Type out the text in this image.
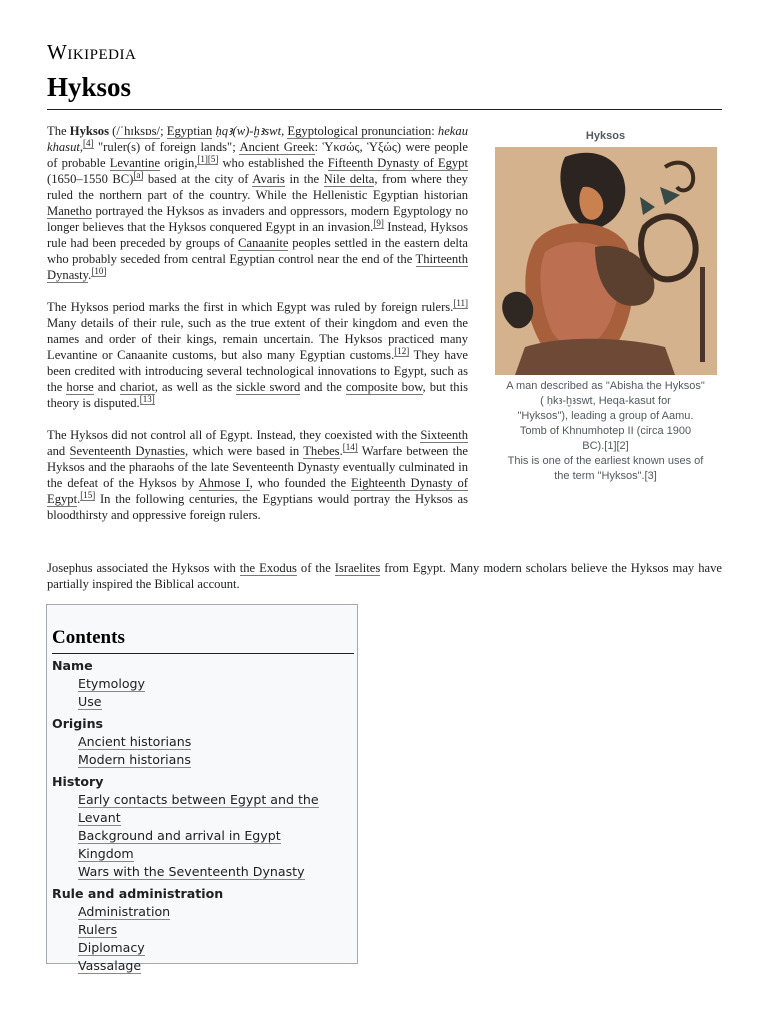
Wikipedia
Hyksos

The Hyksos (/ˈhɪksɒs/; Egyptian ḥqꜣ(w)-ḫꜣswt, Egyptological pronunciation: hekau khasut,[4] "ruler(s) of foreign lands"; Ancient Greek: Ὑκσώς, Ὑξώς) were people of probable Levantine origin,[1][5] who established the Fifteenth Dynasty of Egypt (1650–1550 BC)[a] based at the city of Avaris in the Nile delta, from where they ruled the northern part of the country. While the Hellenistic Egyptian historian Manetho portrayed the Hyksos as invaders and oppressors, modern Egyptology no longer believes that the Hyksos conquered Egypt in an invasion.[9] Instead, Hyksos rule had been preceded by groups of Canaanite peoples settled in the eastern delta who probably seceded from central Egyptian control near the end of the Thirteenth Dynasty.[10]

The Hyksos period marks the first in which Egypt was ruled by foreign rulers.[11] Many details of their rule, such as the true extent of their kingdom and even the names and order of their kings, remain uncertain. The Hyksos practiced many Levantine or Canaanite customs, but also many Egyptian customs.[12] They have been credited with introducing several technological innovations to Egypt, such as the horse and chariot, as well as the sickle sword and the composite bow, but this theory is disputed.[13]

The Hyksos did not control all of Egypt. Instead, they coexisted with the Sixteenth and Seventeenth Dynasties, which were based in Thebes.[14] Warfare between the Hyksos and the pharaohs of the late Seventeenth Dynasty eventually culminated in the defeat of the Hyksos by Ahmose I, who founded the Eighteenth Dynasty of Egypt.[15] In the following centuries, the Egyptians would portray the Hyksos as bloodthirsty and oppressive foreign rulers.

Josephus associated the Hyksos with the Exodus of the Israelites from Egypt. Many modern scholars believe the Hyksos may have partially inspired the Biblical account.

Hyksos
A man described as "Abisha the Hyksos"
( ḥkꜣ-ḫꜣswt, Heqa-kasut for
"Hyksos"), leading a group of Aamu.
Tomb of Khnumhotep II (circa 1900
BC).[1][2]
This is one of the earliest known uses of
the term "Hyksos".[3]
Contents
Name
Etymology
Use
Origins
Ancient historians
Modern historians
History
Early contacts between Egypt and the Levant
Background and arrival in Egypt
Kingdom
Wars with the Seventeenth Dynasty
Rule and administration
Administration
Rulers
Diplomacy
Vassalage
